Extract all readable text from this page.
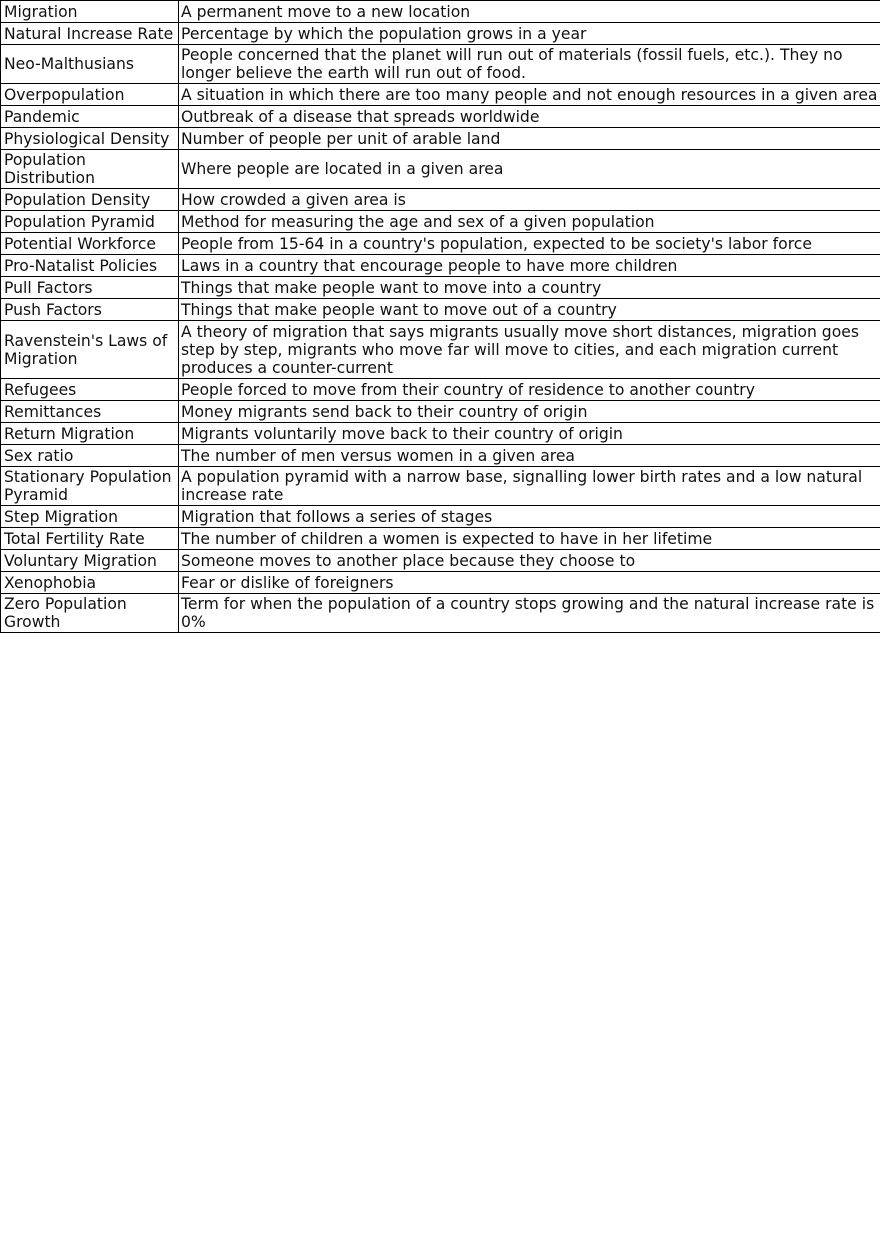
Migration	A permanent move to a new location
Natural Increase Rate	Percentage by which the population grows in a year
Neo-Malthusians	People concerned that the planet will run out of materials (fossil fuels, etc.). They no longer believe the earth will run out of food.
Overpopulation	A situation in which there are too many people and not enough resources in a given area
Pandemic	Outbreak of a disease that spreads worldwide
Physiological Density	Number of people per unit of arable land
Population Distribution	Where people are located in a given area
Population Density	How crowded a given area is
Population Pyramid	Method for measuring the age and sex of a given population
Potential Workforce	People from 15-64 in a country's population, expected to be society's labor force
Pro-Natalist Policies	Laws in a country that encourage people to have more children
Pull Factors	Things that make people want to move into a country
Push Factors	Things that make people want to move out of a country
Ravenstein's Laws of Migration	A theory of migration that says migrants usually move short distances, migration goes step by step, migrants who move far will move to cities, and each migration current produces a counter-current
Refugees	People forced to move from their country of residence to another country
Remittances	Money migrants send back to their country of origin
Return Migration	Migrants voluntarily move back to their country of origin
Sex ratio	The number of men versus women in a given area
Stationary Population Pyramid	A population pyramid with a narrow base, signalling lower birth rates and a low natural increase rate
Step Migration	Migration that follows a series of stages
Total Fertility Rate	The number of children a women is expected to have in her lifetime
Voluntary Migration	Someone moves to another place because they choose to
Xenophobia	Fear or dislike of foreigners
Zero Population Growth	Term for when the population of a country stops growing and the natural increase rate is 0%
